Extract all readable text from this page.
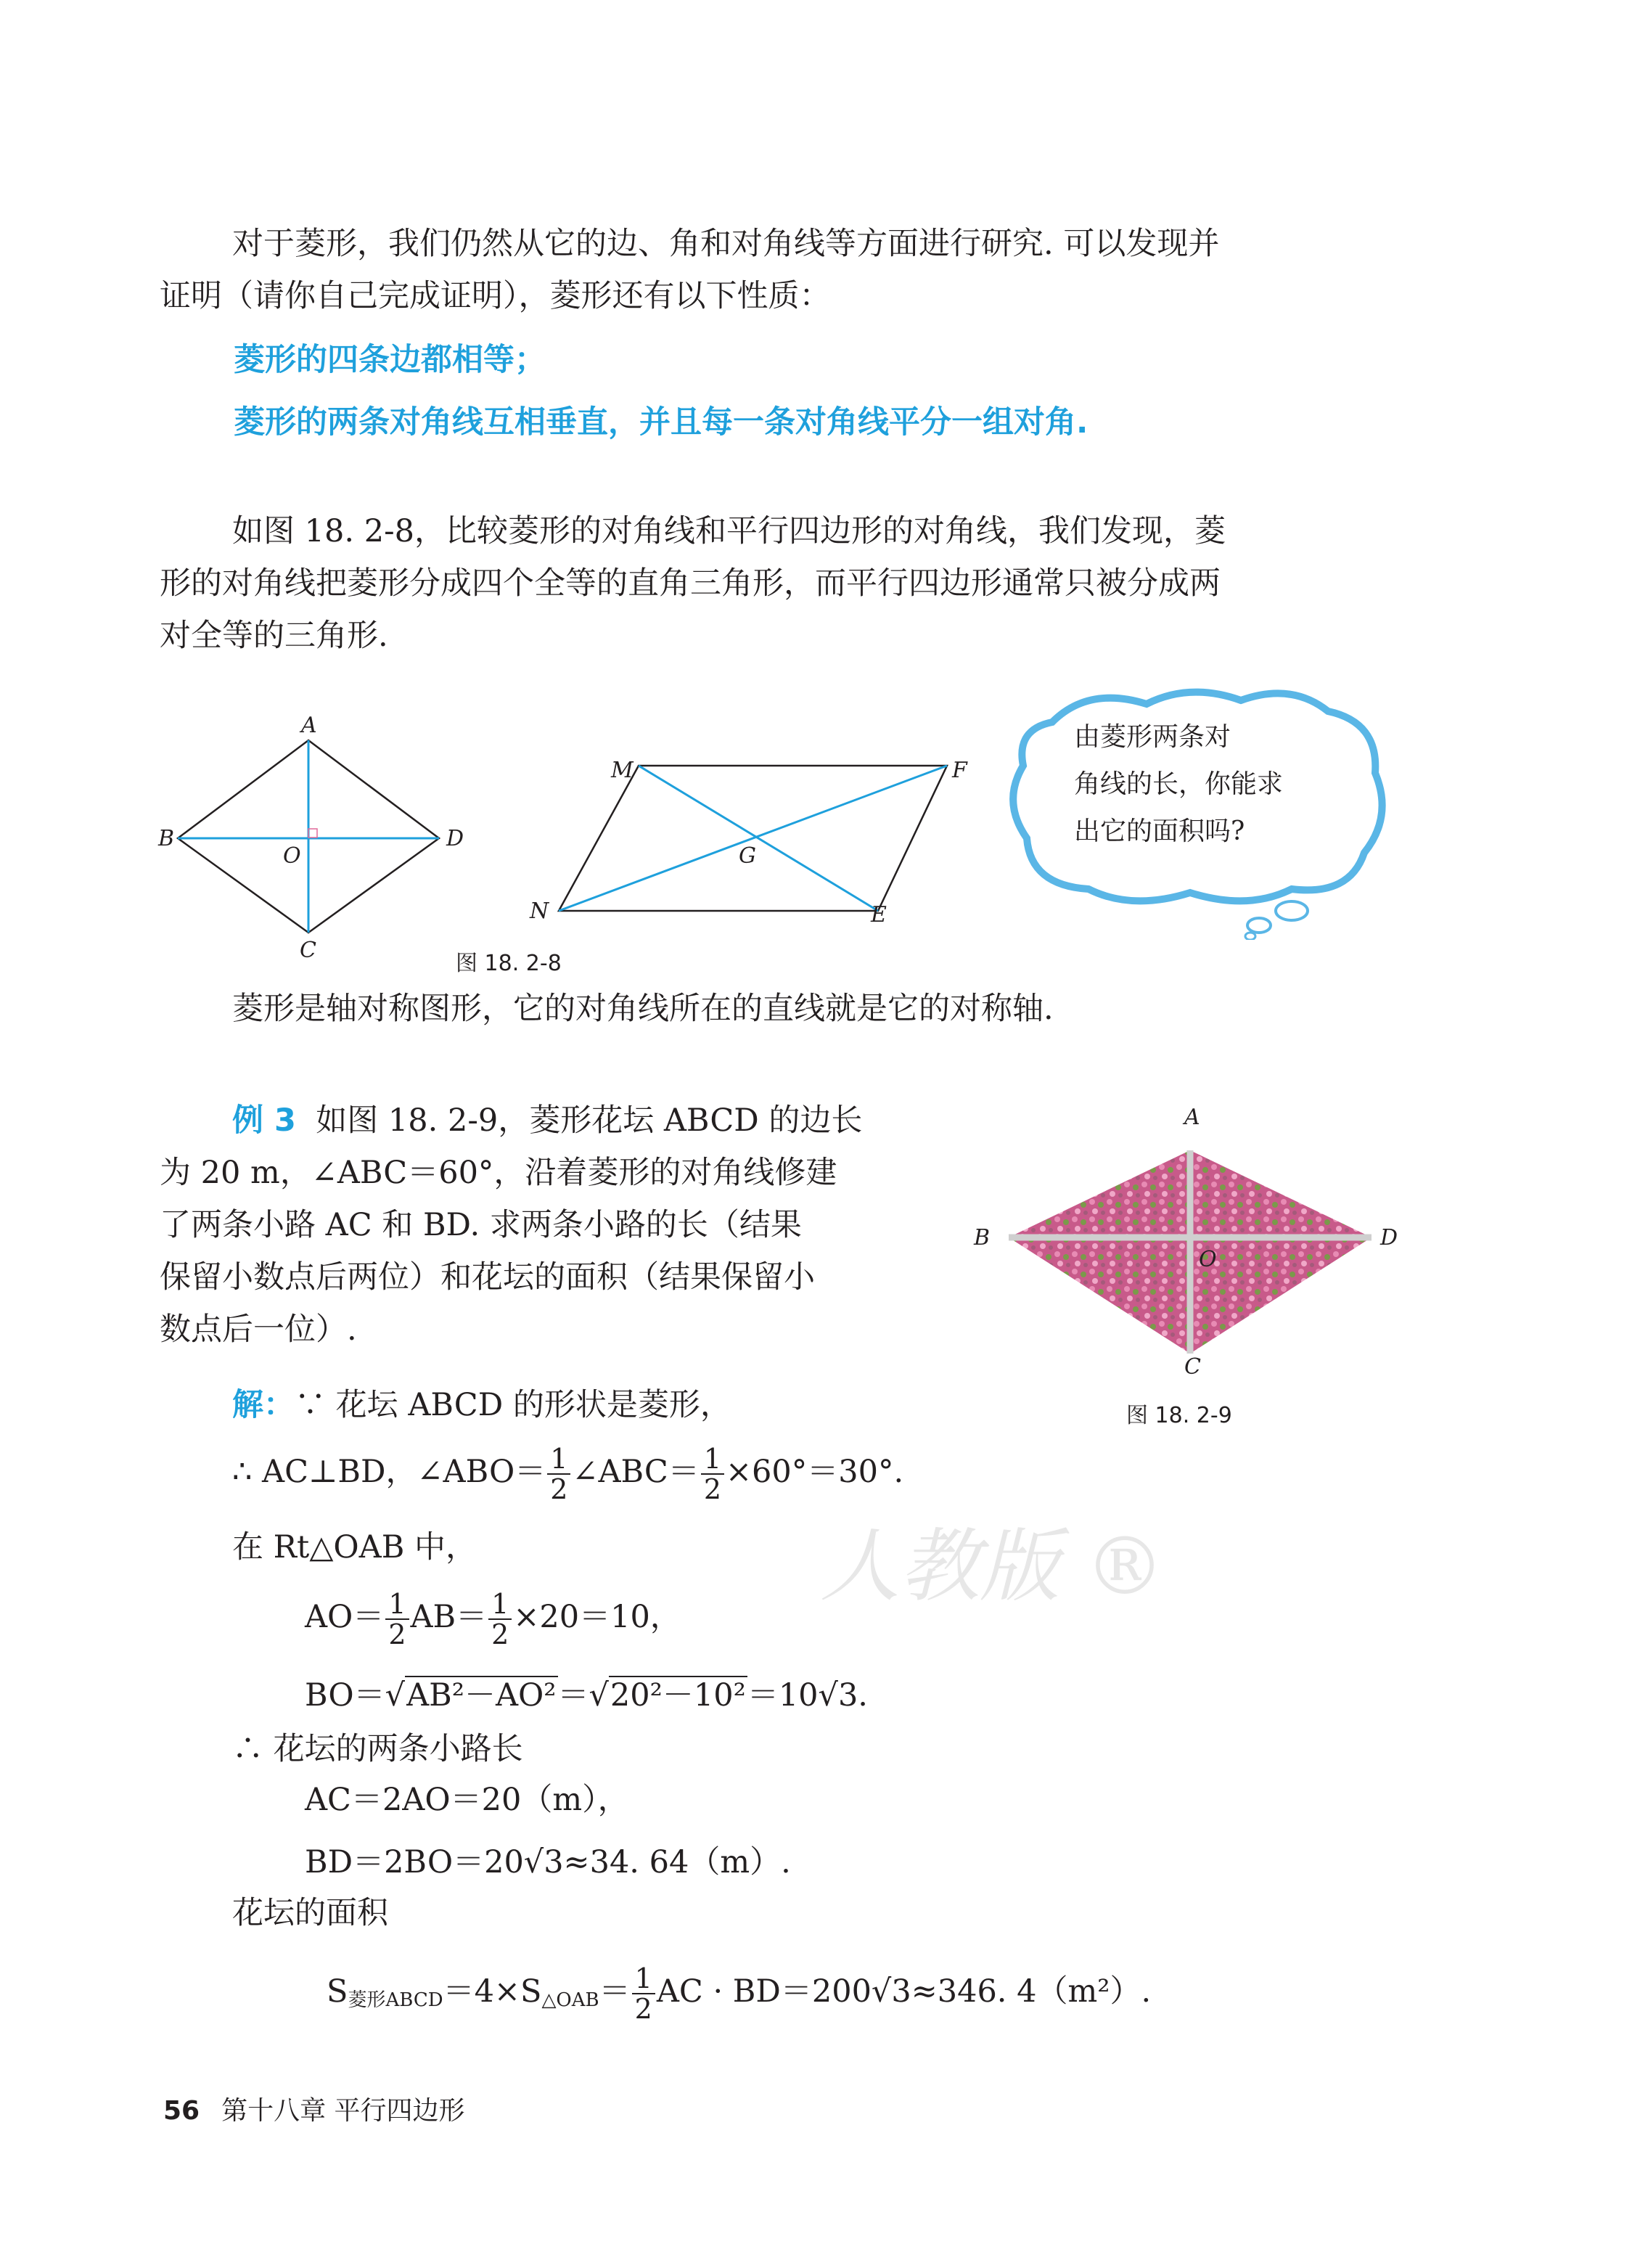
对于菱形，我们仍然从它的边、角和对角线等方面进行研究. 可以发现并
证明（请你自己完成证明），菱形还有以下性质：
菱形的四条边都相等；
菱形的两条对角线互相垂直，并且每一条对角线平分一组对角.
如图 18. 2-8，比较菱形的对角线和平行四边形的对角线，我们发现，菱
形的对角线把菱形分成四个全等的直角三角形，而平行四边形通常只被分成两
对全等的三角形.
A
B
C
D
O
M	F
N	E
G
图 18. 2-8
由菱形两条对
角线的长，你能求
出它的面积吗?
菱形是轴对称图形，它的对角线所在的直线就是它的对称轴.
例 3 如图 18. 2-9，菱形花坛 ABCD 的边长
为 20 m，∠ABC＝60°，沿着菱形的对角线修建
了两条小路 AC 和 BD. 求两条小路的长（结果
保留小数点后两位）和花坛的面积（结果保留小
数点后一位）.
A
B
C
D
O
图 18. 2-9
人教版 ®
解：∵ 花坛 ABCD 的形状是菱形，
∴ AC⊥BD，∠ABO＝ $\frac{1}{2}$ ∠ABC＝ $\frac{1}{2} \times 60^\circ=30^\circ$.
在 Rt△OAB 中，
$AO= \frac{1}{2} AB= \frac{1}{2} \times 20=10$，
BO＝√AB²－AO²＝√20²－10²＝10√3.
∴ 花坛的两条小路长
AC＝2AO＝20（m），
BD＝2BO＝20√3≈34. 64（m）.
花坛的面积
$S_{菱形ABCD}=4\times S_{\triangle OAB}= \frac{1}{2}$ AC · BD＝200√3≈346. 4（m²）.
56 第十八章 平行四边形
